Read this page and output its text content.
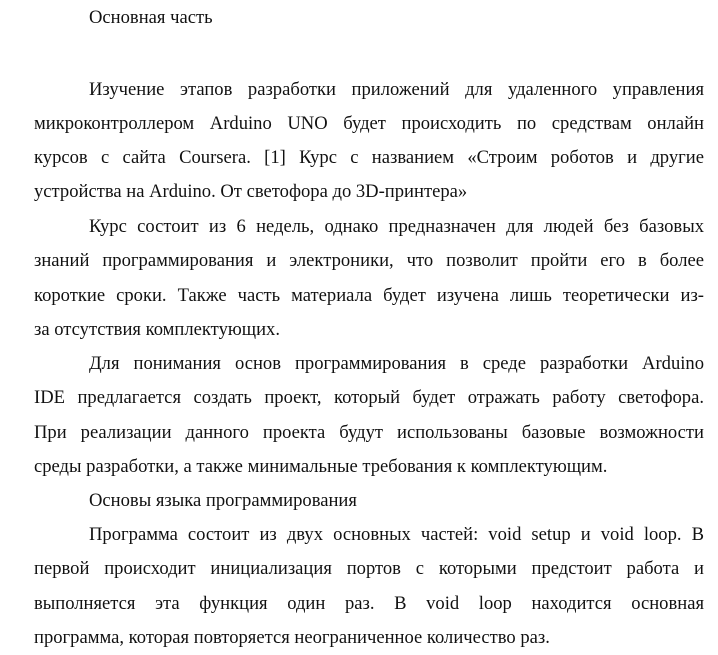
Основная часть
Изучение этапов разработки приложений для удаленного управления
микроконтроллером Arduino UNO будет происходить по средствам онлайн
курсов с сайта Coursera. [1] Курс с названием «Строим роботов и другие
устройства на Arduino. От светофора до 3D-принтера»
Курс состоит из 6 недель, однако предназначен для людей без базовых
знаний программирования и электроники, что позволит пройти его в более
короткие сроки. Также часть материала будет изучена лишь теоретически из-
за отсутствия комплектующих.
Для понимания основ программирования в среде разработки Arduino
IDE предлагается создать проект, который будет отражать работу светофора.
При реализации данного проекта будут использованы базовые возможности
среды разработки, а также минимальные требования к комплектующим.
Основы языка программирования
Программа состоит из двух основных частей: void setup и void loop. В
первой происходит инициализация портов с которыми предстоит работа и
выполняется эта функция один раз. В void loop находится основная
программа, которая повторяется неограниченное количество раз.
